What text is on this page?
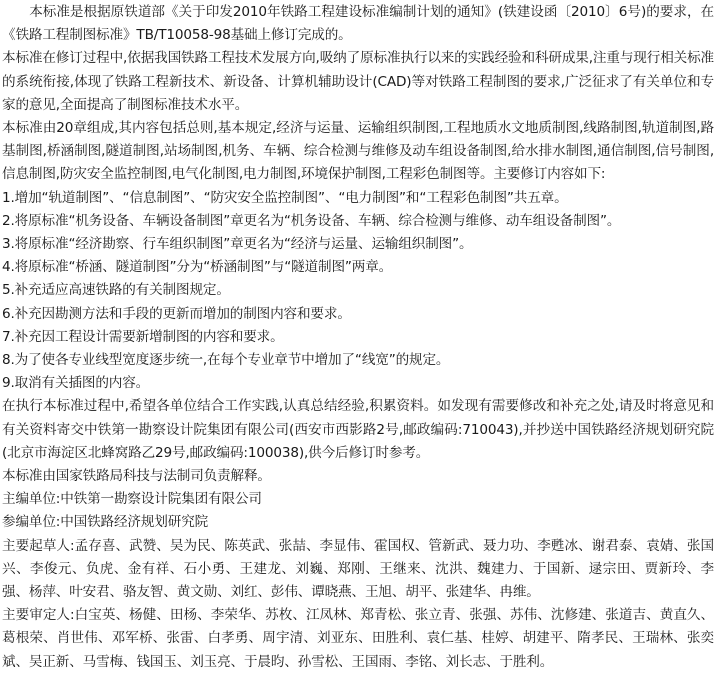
本标准是根据原铁道部《关于印发2010年铁路工程建设标准编制计划的通知》(铁建设函〔2010〕6号)的要求，在《铁路工程制图标准》TB/T10058-98基础上修订完成的。

本标准在修订过程中,依据我国铁路工程技术发展方向,吸纳了原标准执行以来的实践经验和科研成果,注重与现行相关标准的系统衔接,体现了铁路工程新技术、新设备、计算机辅助设计(CAD)等对铁路工程制图的要求,广泛征求了有关单位和专家的意见,全面提高了制图标准技术水平。

本标准由20章组成,其内容包括总则,基本规定,经济与运量、运输组织制图,工程地质水文地质制图,线路制图,轨道制图,路基制图,桥涵制图,隧道制图,站场制图,机务、车辆、综合检测与维修及动车组设备制图,给水排水制图,通信制图,信号制图,信息制图,防灾安全监控制图,电气化制图,电力制图,环境保护制图,工程彩色制图等。主要修订内容如下:

1.增加“轨道制图”、“信息制图”、“防灾安全监控制图”、“电力制图”和“工程彩色制图”共五章。

2.将原标准“机务设备、车辆设备制图”章更名为“机务设备、车辆、综合检测与维修、动车组设备制图”。

3.将原标准“经济勘察、行车组织制图”章更名为“经济与运量、运输组织制图”。

4.将原标准“桥涵、隧道制图”分为“桥涵制图”与“隧道制图”两章。

5.补充适应高速铁路的有关制图规定。

6.补充因勘测方法和手段的更新而增加的制图内容和要求。

7.补充因工程设计需要新增制图的内容和要求。

8.为了使各专业线型宽度逐步统一,在每个专业章节中增加了“线宽”的规定。

9.取消有关插图的内容。

在执行本标准过程中,希望各单位结合工作实践,认真总结经验,积累资料。如发现有需要修改和补充之处,请及时将意见和有关资料寄交中铁第一勘察设计院集团有限公司(西安市西影路2号,邮政编码:710043),并抄送中国铁路经济规划研究院(北京市海淀区北蜂窝路乙29号,邮政编码:100038),供今后修订时参考。

本标准由国家铁路局科技与法制司负责解释。

主编单位:中铁第一勘察设计院集团有限公司

参编单位:中国铁路经济规划研究院

主要起草人:孟存喜、武赞、吴为民、陈英武、张喆、李显伟、霍国权、管新武、聂力功、李甦冰、谢君泰、袁婧、张国兴、李俊元、负虎、金有祥、石小勇、王建龙、刘巍、郑刚、王继来、沈洪、魏建力、于国新、逯宗田、贾新玲、李强、杨萍、叶安君、骆友智、黄文勋、刘红、彭伟、谭晓燕、王旭、胡平、张建华、冉维。

主要审定人:白宝英、杨健、田杨、李荣华、苏枚、江凤林、郑青松、张立青、张强、苏伟、沈修建、张道吉、黄直久、葛根荣、肖世伟、邓军桥、张雷、白孝勇、周宇清、刘亚东、田胜利、袁仁基、桂婷、胡建平、隋孝民、王瑞林、张奕斌、吴正新、马雪梅、钱国玉、刘玉亮、于晨昀、孙雪松、王国雨、李铭、刘长志、于胜利。
